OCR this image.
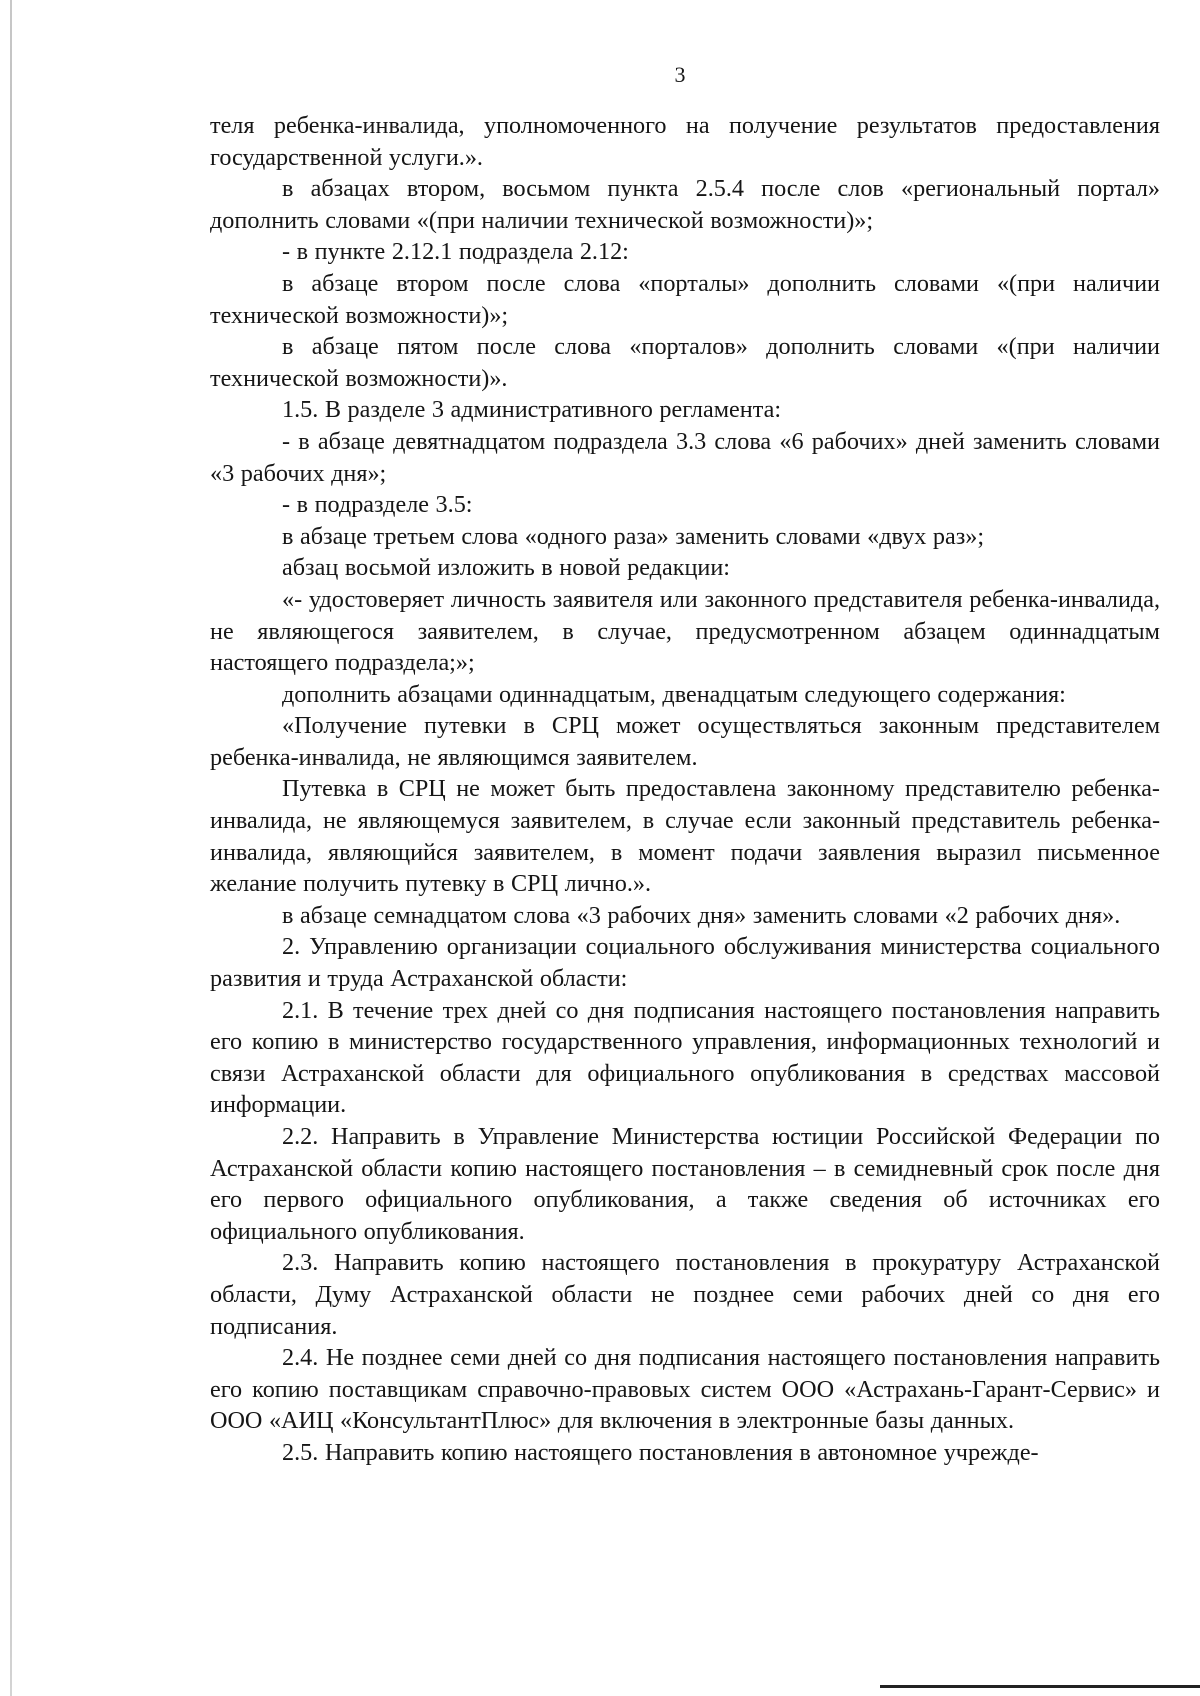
3

теля ребенка-инвалида, уполномоченного на получение результатов предоставления государственной услуги.».

в абзацах втором, восьмом пункта 2.5.4 после слов «региональный портал» дополнить словами «(при наличии технической возможности)»;

- в пункте 2.12.1 подраздела 2.12:

в абзаце втором после слова «порталы» дополнить словами «(при наличии технической возможности)»;

в абзаце пятом после слова «порталов» дополнить словами «(при наличии технической возможности)».

1.5. В разделе 3 административного регламента:

- в абзаце девятнадцатом подраздела 3.3 слова «6 рабочих» дней заменить словами «3 рабочих дня»;

- в подразделе 3.5:

в абзаце третьем слова «одного раза» заменить словами «двух раз»;

абзац восьмой изложить в новой редакции:

«- удостоверяет личность заявителя или законного представителя ребенка-инвалида, не являющегося заявителем, в случае, предусмотренном абзацем одиннадцатым настоящего подраздела;»;

дополнить абзацами одиннадцатым, двенадцатым следующего содержания:

«Получение путевки в СРЦ может осуществляться законным представителем ребенка-инвалида, не являющимся заявителем.

Путевка в СРЦ не может быть предоставлена законному представителю ребенка-инвалида, не являющемуся заявителем, в случае если законный представитель ребенка-инвалида, являющийся заявителем, в момент подачи заявления выразил письменное желание получить путевку в СРЦ лично.».

в абзаце семнадцатом слова «3 рабочих дня» заменить словами «2 рабочих дня».

2. Управлению организации социального обслуживания министерства социального развития и труда Астраханской области:

2.1. В течение трех дней со дня подписания настоящего постановления направить его копию в министерство государственного управления, информационных технологий и связи Астраханской области для официального опубликования в средствах массовой информации.

2.2. Направить в Управление Министерства юстиции Российской Федерации по Астраханской области копию настоящего постановления – в семидневный срок после дня его первого официального опубликования, а также сведения об источниках его официального опубликования.

2.3. Направить копию настоящего постановления в прокуратуру Астраханской области, Думу Астраханской области не позднее семи рабочих дней со дня его подписания.

2.4. Не позднее семи дней со дня подписания настоящего постановления направить его копию поставщикам справочно-правовых систем ООО «Астрахань-Гарант-Сервис» и ООО «АИЦ «КонсультантПлюс» для включения в электронные базы данных.

2.5. Направить копию настоящего постановления в автономное учрежде-
